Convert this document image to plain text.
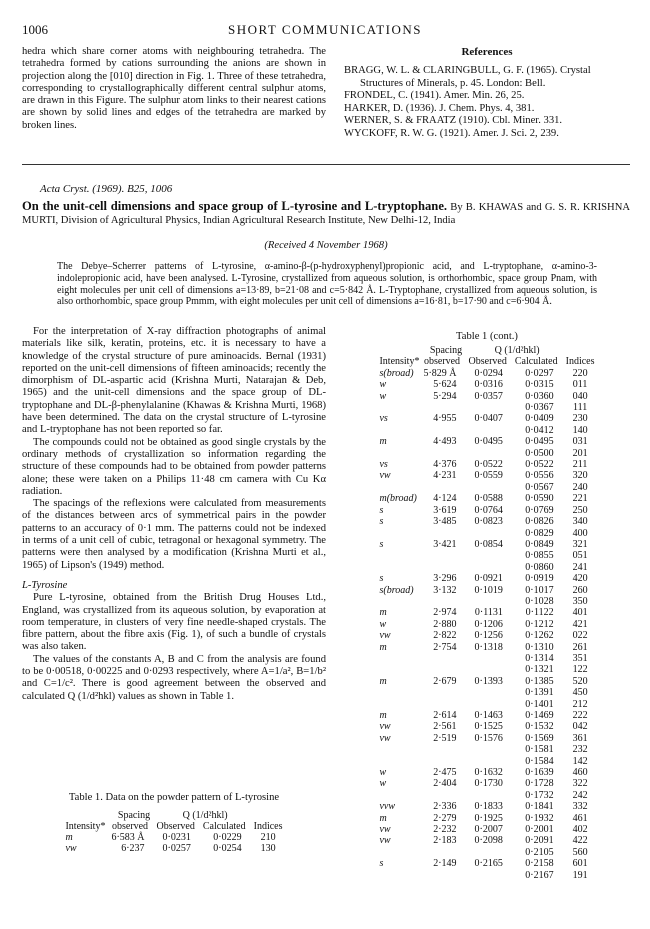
1006	SHORT COMMUNICATIONS
hedra which share corner atoms with neighbouring tetrahedra. The tetrahedra formed by cations surrounding the anions are shown in projection along the [010] direction in Fig. 1. Three of these tetrahedra, corresponding to crystallographically different central sulphur atoms, are drawn in this Figure. The sulphur atom links to their nearest cations are shown by solid lines and edges of the tetrahedra are marked by broken lines.
References
BRAGG, W. L. & CLARINGBULL, G. F. (1965). Crystal Structures of Minerals, p. 45. London: Bell.
FRONDEL, C. (1941). Amer. Min. 26, 25.
HARKER, D. (1936). J. Chem. Phys. 4, 381.
WERNER, S. & FRAATZ (1910). Cbl. Miner. 331.
WYCKOFF, R. W. G. (1921). Amer. J. Sci. 2, 239.
Acta Cryst. (1969). B25, 1006
On the unit-cell dimensions and space group of L-tyrosine and L-tryptophane. By B. KHAWAS and G. S. R. KRISHNA MURTI, Division of Agricultural Physics, Indian Agricultural Research Institute, New Delhi-12, India
(Received 4 November 1968)
The Debye–Scherrer patterns of L-tyrosine, α-amino-β-(p-hydroxyphenyl)propionic acid, and L-tryptophane, α-amino-3-indolepropionic acid, have been analysed. L-Tyrosine, crystallized from aqueous solution, is orthorhombic, space group Pnam, with eight molecules per unit cell of dimensions a=13·89, b=21·08 and c=5·842 Å. L-Tryptophane, crystallized from aqueous solution, is also orthorhombic, space group Pmmm, with eight molecules per unit cell of dimensions a=16·81, b=17·90 and c=6·904 Å.

For the interpretation of X-ray diffraction photographs of animal materials like silk, keratin, proteins, etc. it is necessary to have a knowledge of the crystal structure of pure aminoacids. Bernal (1931) reported on the unit-cell dimensions of fifteen aminoacids; recently the dimorphism of DL-aspartic acid (Krishna Murti, Natarajan & Deb, 1965) and the unit-cell dimensions and the space group of DL-tryptophane and DL-β-phenylalanine (Khawas & Krishna Murti, 1968) have been determined. The data on the crystal structure of L-tyrosine and L-tryptophane has not been reported so far.

The compounds could not be obtained as good single crystals by the ordinary methods of crystallization so information regarding the structure of these compounds had to be obtained from powder patterns alone; these were taken on a Philips 11·48 cm camera with Cu Kα radiation.

The spacings of the reflexions were calculated from measurements of the distances between arcs of symmetrical pairs in the powder patterns to an accuracy of 0·1 mm. The patterns could not be indexed in terms of a unit cell of cubic, tetragonal or hexagonal symmetry. The patterns were then analysed by a modification (Krishna Murti et al., 1965) of Lipson's (1949) method.

L-Tyrosine

Pure L-tyrosine, obtained from the British Drug Houses Ltd., England, was crystallized from its aqueous solution, by evaporation at room temperature, in clusters of very fine needle-shaped crystals. The fibre pattern, about the fibre axis (Fig. 1), of such a bundle of crystals was also taken.

The values of the constants A, B and C from the analysis are found to be 0·00518, 0·00225 and 0·0293 respectively, where A=1/a², B=1/b² and C=1/c². There is good agreement between the observed and calculated Q (1/d²hkl) values as shown in Table 1.

Table 1. Data on the powder pattern of L-tyrosine
	Spacing	Q (1/d²hkl)		
Intensity*	observed	Observed	Calculated	Indices
m	6·583 Å	0·0231	0·0229	210
vw	6·237	0·0257	0·0254	130
Table 1 (cont.)
	Spacing	Q (1/d²hkl)		
Intensity*	observed	Observed	Calculated	Indices
s(broad)	5·829 Å	0·0294	0·0297	220
w	5·624	0·0316	0·0315	011
w	5·294	0·0357	0·0360	040
			0·0367	111
vs	4·955	0·0407	0·0409	230
			0·0412	140
m	4·493	0·0495	0·0495	031
			0·0500	201
vs	4·376	0·0522	0·0522	211
vw	4·231	0·0559	0·0556	320
			0·0567	240
m(broad)	4·124	0·0588	0·0590	221
s	3·619	0·0764	0·0769	250
s	3·485	0·0823	0·0826	340
			0·0829	400
s	3·421	0·0854	0·0849	321
			0·0855	051
			0·0860	241
s	3·296	0·0921	0·0919	420
s(broad)	3·132	0·1019	0·1017	260
			0·1028	350
m	2·974	0·1131	0·1122	401
w	2·880	0·1206	0·1212	421
vw	2·822	0·1256	0·1262	022
m	2·754	0·1318	0·1310	261
			0·1314	351
			0·1321	122
m	2·679	0·1393	0·1385	520
			0·1391	450
			0·1401	212
m	2·614	0·1463	0·1469	222
vw	2·561	0·1525	0·1532	042
vw	2·519	0·1576	0·1569	361
			0·1581	232
			0·1584	142
w	2·475	0·1632	0·1639	460
w	2·404	0·1730	0·1728	322
			0·1732	242
vvw	2·336	0·1833	0·1841	332
m	2·279	0·1925	0·1932	461
vw	2·232	0·2007	0·2001	402
vw	2·183	0·2098	0·2091	422
			0·2105	560
s	2·149	0·2165	0·2158	601
			0·2167	191
